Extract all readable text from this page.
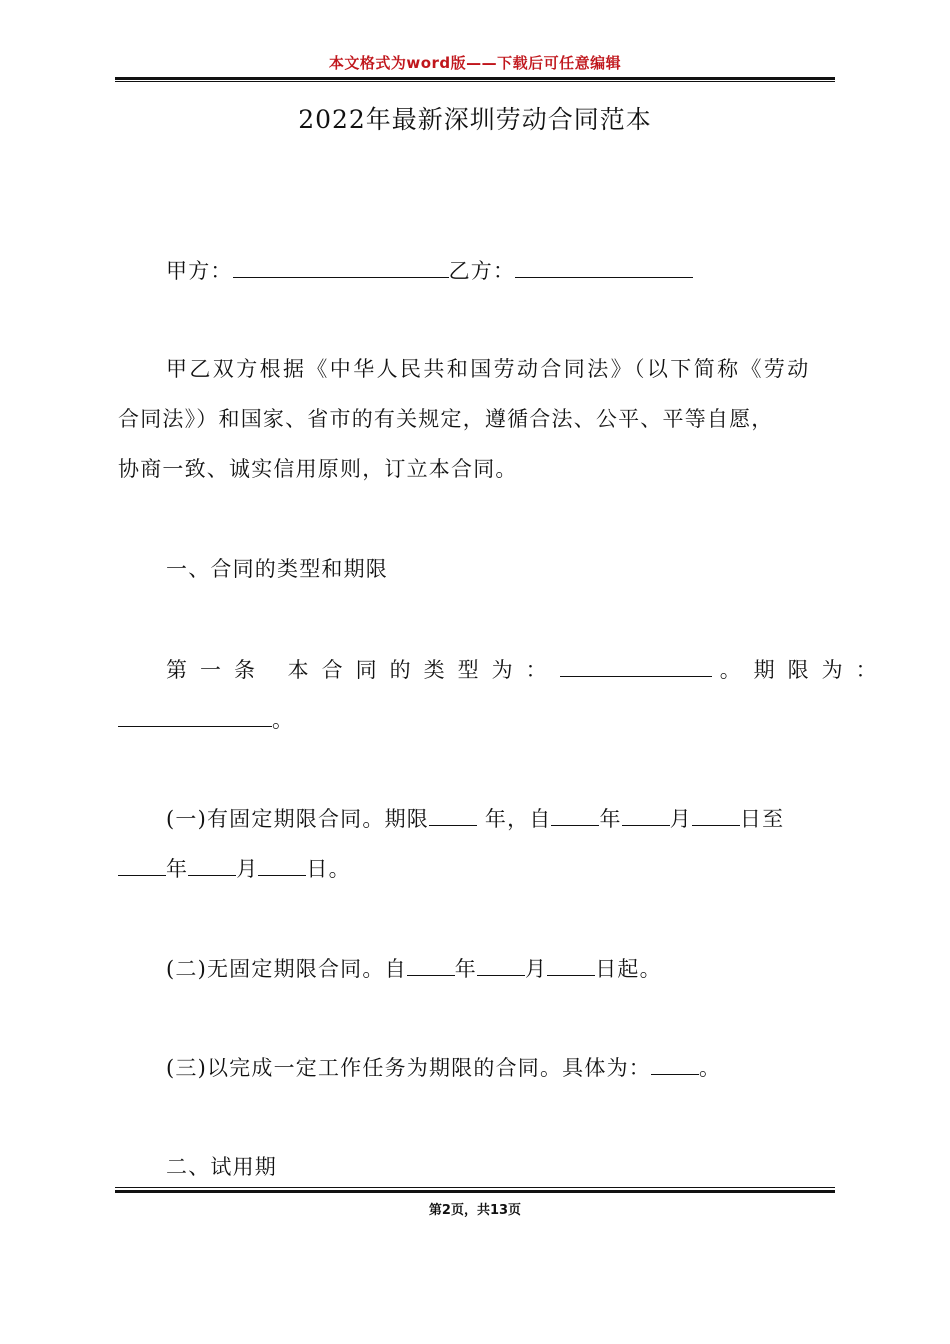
本文格式为word版——下载后可任意编辑
2022年最新深圳劳动合同范本
甲方：	乙方：
甲乙双方根据《中华人民共和国劳动合同法》（以下简称《劳动
合同法》）和国家、省市的有关规定，遵循合法、公平、平等自愿，
协商一致、诚实信用原则，订立本合同。
一、合同的类型和期限
第一条 本合同的类型为：	。期限为：
。
(一)有固定期限合同。期限 年，自 年 月 日至
年 月 日。
(二)无固定期限合同。自 年 月 日起。
(三)以完成一定工作任务为期限的合同。具体为： 。
二、试用期
第2页，共13页
